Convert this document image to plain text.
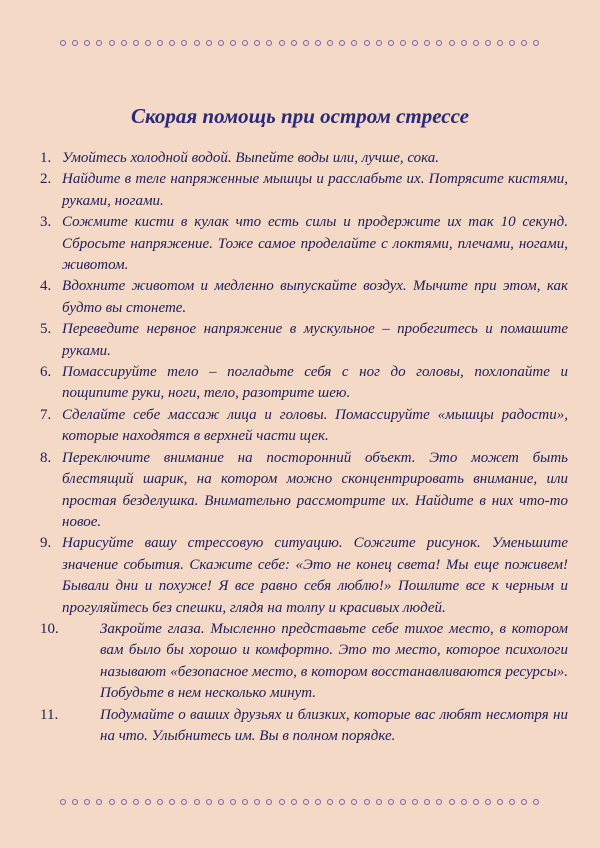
Скорая помощь при остром стрессе
1. Умойтесь холодной водой. Выпейте воды или, лучше, сока.
2. Найдите в теле напряженные мышцы и расслабьте их. Потрясите кистями, руками, ногами.
3. Сожмите кисти в кулак что есть силы и продержите их так 10 секунд. Сбросьте напряжение. Тоже самое проделайте с локтями, плечами, ногами, животом.
4. Вдохните животом и медленно выпускайте воздух. Мычите при этом, как будто вы стонете.
5. Переведите нервное напряжение в мускульное – пробегитесь и помашите руками.
6. Помассируйте тело – погладьте себя с ног до головы, похлопайте и пощипите руки, ноги, тело, разотрите шею.
7. Сделайте себе массаж лица и головы. Помассируйте «мышцы радости», которые находятся в верхней части щек.
8. Переключите внимание на посторонний объект. Это может быть блестящий шарик, на котором можно сконцентрировать внимание, или простая безделушка. Внимательно рассмотрите их. Найдите в них что-то новое.
9. Нарисуйте вашу стрессовую ситуацию. Сожгите рисунок. Уменьшите значение события. Скажите себе: «Это не конец света! Мы еще поживем! Бывали дни и похуже! Я все равно себя люблю!» Пошлите все к черным и прогуляйтесь без спешки, глядя на толпу и красивых людей.
10.	Закройте глаза. Мысленно представьте себе тихое место, в котором вам было бы хорошо и комфортно. Это то место, которое психологи называют «безопасное место, в котором восстанавливаются ресурсы». Побудьте в нем несколько минут.
11.	Подумайте о ваших друзьях и близких, которые вас любят несмотря ни на что. Улыбнитесь им. Вы в полном порядке.
